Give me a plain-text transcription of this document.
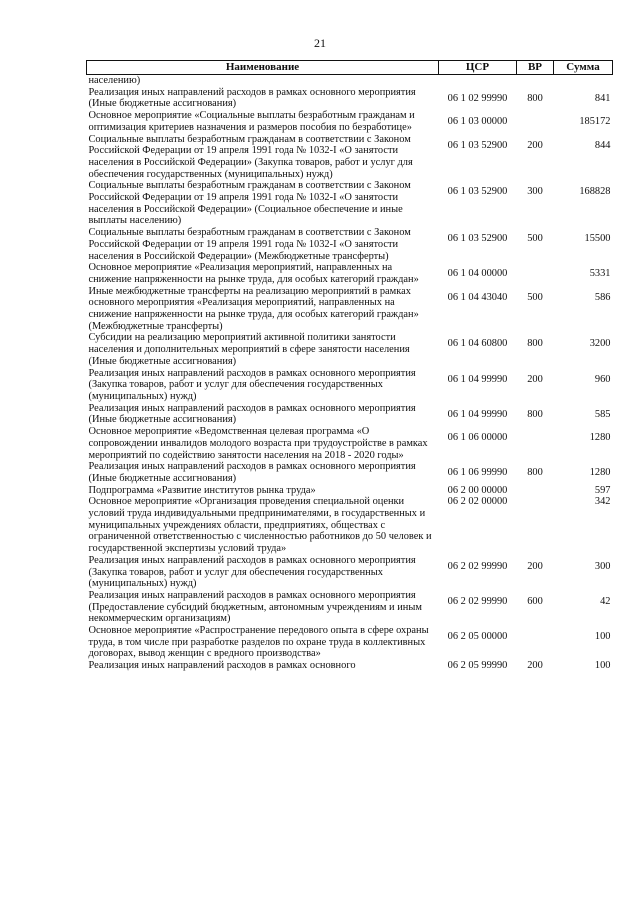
21
Наименование	ЦСР	ВР	Сумма
населению)			
Реализация иных направлений расходов в рамках основного мероприятия (Иные бюджетные ассигнования)	06 1 02 99990	800	841
Основное мероприятие «Социальные выплаты безработным гражданам и оптимизация критериев назначения и размеров пособия по безработице»	06 1 03 00000		185172
Социальные выплаты безработным гражданам в соответствии с Законом Российской Федерации от 19 апреля 1991 года № 1032-I «О занятости населения в Российской Федерации» (Закупка товаров, работ и услуг для обеспечения государственных (муниципальных) нужд)	06 1 03 52900	200	844
Социальные выплаты безработным гражданам в соответствии с Законом Российской Федерации от 19 апреля 1991 года № 1032-I «О занятости населения в Российской Федерации» (Социальное обеспечение и иные выплаты населению)	06 1 03 52900	300	168828
Социальные выплаты безработным гражданам в соответствии с Законом Российской Федерации от 19 апреля 1991 года № 1032-I «О занятости населения в Российской Федерации» (Межбюджетные трансферты)	06 1 03 52900	500	15500
Основное мероприятие «Реализация мероприятий, направленных на снижение напряженности на рынке труда, для особых категорий граждан»	06 1 04 00000		5331
Иные межбюджетные трансферты на реализацию мероприятий в рамках основного мероприятия «Реализация мероприятий, направленных на снижение напряженности на рынке труда, для особых категорий граждан» (Межбюджетные трансферты)	06 1 04 43040	500	586
Субсидии на реализацию мероприятий активной политики занятости населения и дополнительных мероприятий в сфере занятости населения (Иные бюджетные ассигнования)	06 1 04 60800	800	3200
Реализация иных направлений расходов в рамках основного мероприятия (Закупка товаров, работ и услуг для обеспечения государственных (муниципальных) нужд)	06 1 04 99990	200	960
Реализация иных направлений расходов в рамках основного мероприятия (Иные бюджетные ассигнования)	06 1 04 99990	800	585
Основное мероприятие «Ведомственная целевая программа «О сопровождении инвалидов молодого возраста при трудоустройстве в рамках мероприятий по содействию занятости населения на 2018 - 2020 годы»	06 1 06 00000		1280
Реализация иных направлений расходов в рамках основного мероприятия (Иные бюджетные ассигнования)	06 1 06 99990	800	1280
Подпрограмма «Развитие институтов рынка труда»	06 2 00 00000		597
Основное мероприятие «Организация проведения специальной оценки условий труда индивидуальными предпринимателями, в государственных и муниципальных учреждениях области, предприятиях, обществах с ограниченной ответственностью с численностью работников до 50 человек и государственной экспертизы условий труда»	06 2 02 00000		342
Реализация иных направлений расходов в рамках основного мероприятия (Закупка товаров, работ и услуг для обеспечения государственных (муниципальных) нужд)	06 2 02 99990	200	300
Реализация иных направлений расходов в рамках основного мероприятия (Предоставление субсидий бюджетным, автономным учреждениям и иным некоммерческим организациям)	06 2 02 99990	600	42
Основное мероприятие «Распространение передового опыта в сфере охраны труда, в том числе при разработке разделов по охране труда в коллективных договорах, вывод женщин с вредного производства»	06 2 05 00000		100
Реализация иных направлений расходов в рамках основного	06 2 05 99990	200	100
